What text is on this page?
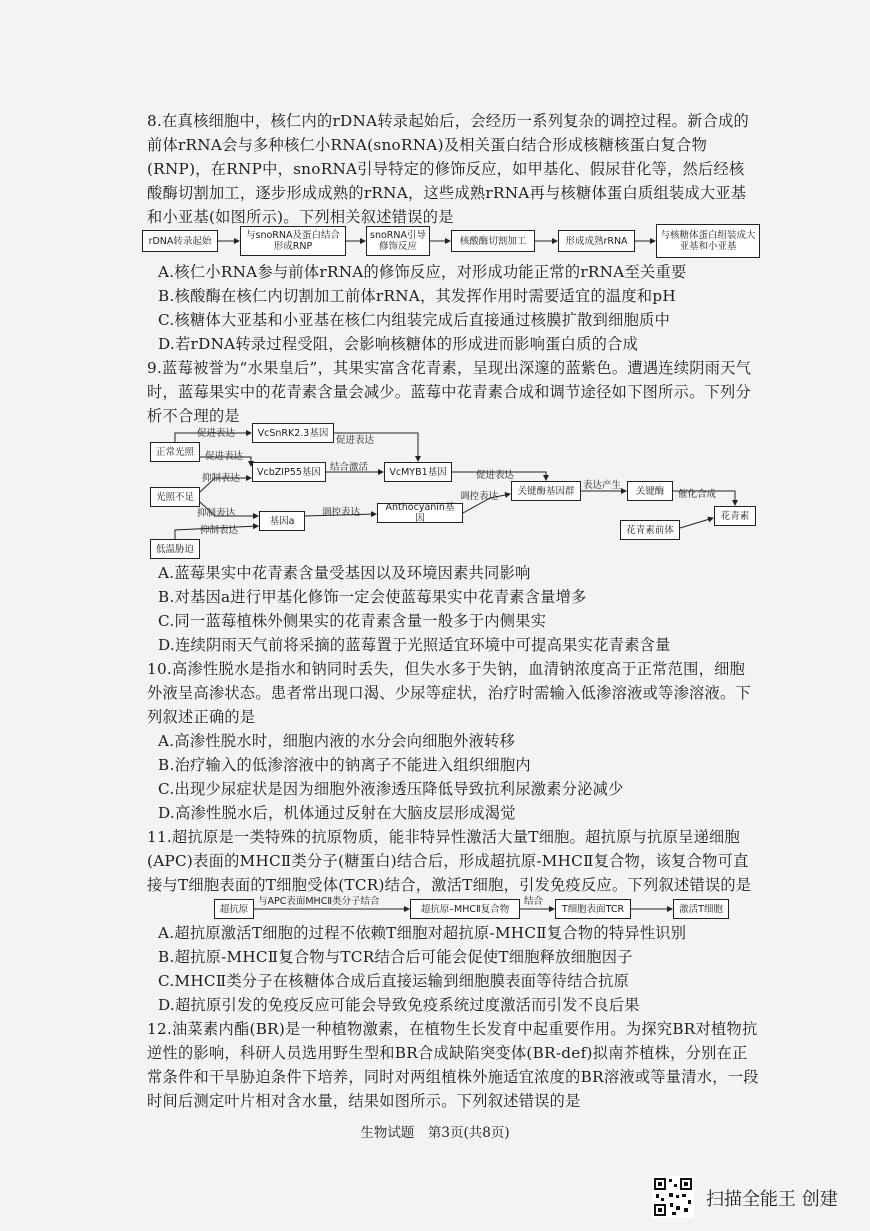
8.在真核细胞中，核仁内的rDNA转录起始后，会经历一系列复杂的调控过程。新合成的前体rRNA会与多种核仁小RNA(snoRNA)及相关蛋白结合形成核糖核蛋白复合物(RNP)，在RNP中，snoRNA引导特定的修饰反应，如甲基化、假尿苷化等，然后经核酸酶切割加工，逐步形成成熟的rRNA，这些成熟rRNA再与核糖体蛋白质组装成大亚基和小亚基(如图所示)。下列相关叙述错误的是
rDNA转录起始	与snoRNA及蛋白结合形成RNP
snoRNA引导修饰反应	核酸酶切割加工	形成成熟rRNA	与核糖体蛋白组装成大亚基和小亚基
A.核仁小RNA参与前体rRNA的修饰反应，对形成功能正常的rRNA至关重要
B.核酸酶在核仁内切割加工前体rRNA，其发挥作用时需要适宜的温度和pH
C.核糖体大亚基和小亚基在核仁内组装完成后直接通过核膜扩散到细胞质中
D.若rDNA转录过程受阻，会影响核糖体的形成进而影响蛋白质的合成
9.蓝莓被誉为“水果皇后”，其果实富含花青素，呈现出深邃的蓝紫色。遭遇连续阴雨天气时，蓝莓果实中的花青素含量会减少。蓝莓中花青素合成和调节途径如下图所示。下列分析不合理的是
正常光照
光照不足
低温胁迫
VcSnRK2.3基因
VcbZIP55基因	VcMYB1基因
基因a
Anthocyanin基因
关键酶基因群	关键酶
花青素前体
花青素
促进表达
促进表达
促进表达
抑制表达
结合激活
促进表达
抑制表达	调控表达
调控表达
表达产生
催化合成
抑制表达
A.蓝莓果实中花青素含量受基因以及环境因素共同影响
B.对基因a进行甲基化修饰一定会使蓝莓果实中花青素含量增多
C.同一蓝莓植株外侧果实的花青素含量一般多于内侧果实
D.连续阴雨天气前将采摘的蓝莓置于光照适宜环境中可提高果实花青素含量
10.高渗性脱水是指水和钠同时丢失，但失水多于失钠，血清钠浓度高于正常范围，细胞外液呈高渗状态。患者常出现口渴、少尿等症状，治疗时需输入低渗溶液或等渗溶液。下列叙述正确的是
A.高渗性脱水时，细胞内液的水分会向细胞外液转移
B.治疗输入的低渗溶液中的钠离子不能进入组织细胞内
C.出现少尿症状是因为细胞外液渗透压降低导致抗利尿激素分泌减少
D.高渗性脱水后，机体通过反射在大脑皮层形成渴觉
11.超抗原是一类特殊的抗原物质，能非特异性激活大量T细胞。超抗原与抗原呈递细胞(APC)表面的MHCⅡ类分子(糖蛋白)结合后，形成超抗原-MHCⅡ复合物，该复合物可直接与T细胞表面的T细胞受体(TCR)结合，激活T细胞，引发免疫反应。下列叙述错误的是
超抗原	超抗原–MHCⅡ复合物	T细胞表面TCR	激活T细胞
与APC表面MHCⅡ类分子结合	结合
A.超抗原激活T细胞的过程不依赖T细胞对超抗原-MHCⅡ复合物的特异性识别
B.超抗原-MHCⅡ复合物与TCR结合后可能会促使T细胞释放细胞因子
C.MHCⅡ类分子在核糖体合成后直接运输到细胞膜表面等待结合抗原
D.超抗原引发的免疫反应可能会导致免疫系统过度激活而引发不良后果
12.油菜素内酯(BR)是一种植物激素，在植物生长发育中起重要作用。为探究BR对植物抗逆性的影响，科研人员选用野生型和BR合成缺陷突变体(BR-def)拟南芥植株，分别在正常条件和干旱胁迫条件下培养，同时对两组植株外施适宜浓度的BR溶液或等量清水，一段时间后测定叶片相对含水量，结果如图所示。下列叙述错误的是
生物试题　第3页(共8页)
扫描全能王 创建
